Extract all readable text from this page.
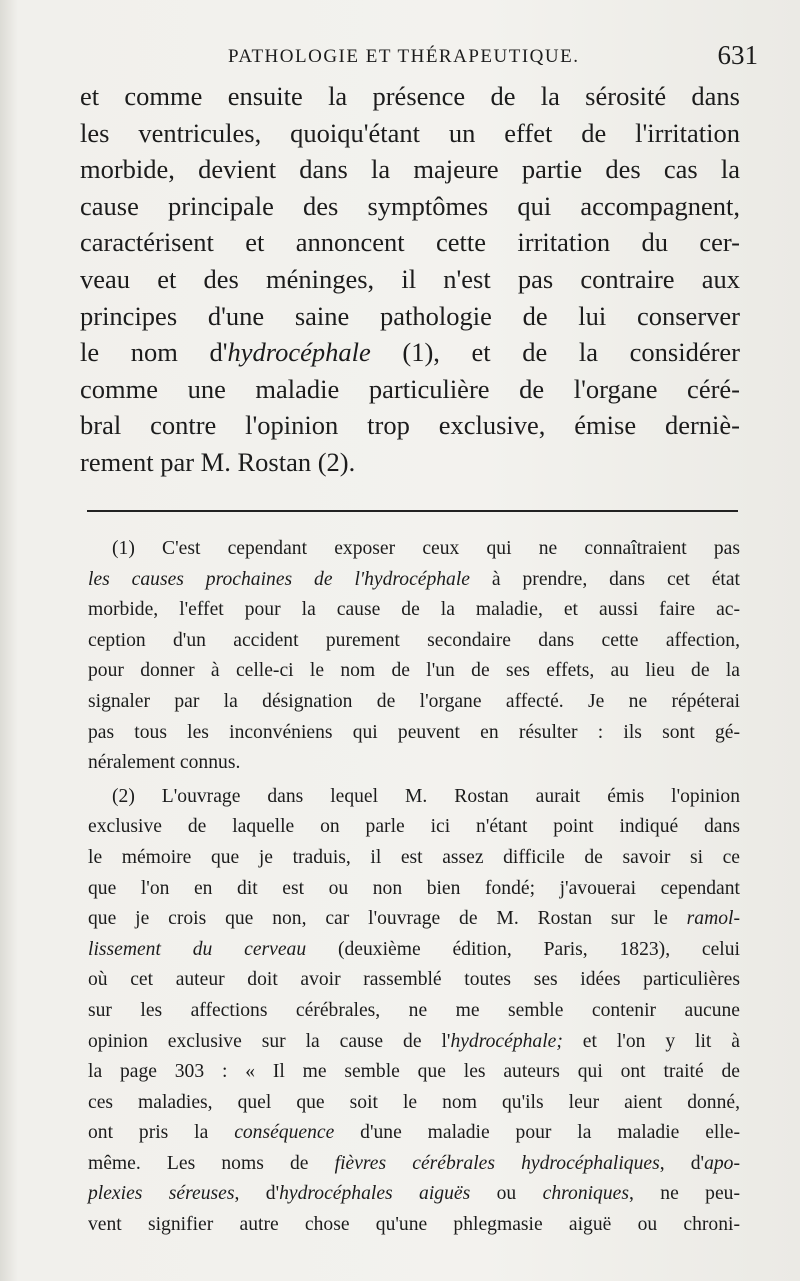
PATHOLOGIE ET THÉRAPEUTIQUE.	631
et comme ensuite la présence de la sérosité dans
les ventricules, quoiqu'étant un effet de l'irritation
morbide, devient dans la majeure partie des cas la
cause principale des symptômes qui accompagnent,
caractérisent et annoncent cette irritation du cer-
veau et des méninges, il n'est pas contraire aux
principes d'une saine pathologie de lui conserver
le nom d'hydrocéphale (1), et de la considérer
comme une maladie particulière de l'organe céré-
bral contre l'opinion trop exclusive, émise derniè-
rement par M. Rostan (2).
(1) C'est cependant exposer ceux qui ne connaîtraient pas
les causes prochaines de l'hydrocéphale à prendre, dans cet état
morbide, l'effet pour la cause de la maladie, et aussi faire ac-
ception d'un accident purement secondaire dans cette affection,
pour donner à celle-ci le nom de l'un de ses effets, au lieu de la
signaler par la désignation de l'organe affecté. Je ne répéterai
pas tous les inconvéniens qui peuvent en résulter : ils sont gé-
néralement connus.
(2) L'ouvrage dans lequel M. Rostan aurait émis l'opinion
exclusive de laquelle on parle ici n'étant point indiqué dans
le mémoire que je traduis, il est assez difficile de savoir si ce
que l'on en dit est ou non bien fondé; j'avouerai cependant
que je crois que non, car l'ouvrage de M. Rostan sur le ramol-
lissement du cerveau (deuxième édition, Paris, 1823), celui
où cet auteur doit avoir rassemblé toutes ses idées particulières
sur les affections cérébrales, ne me semble contenir aucune
opinion exclusive sur la cause de l'hydrocéphale; et l'on y lit à
la page 303 : « Il me semble que les auteurs qui ont traité de
ces maladies, quel que soit le nom qu'ils leur aient donné,
ont pris la conséquence d'une maladie pour la maladie elle-
même. Les noms de fièvres cérébrales hydrocéphaliques, d'apo-
plexies séreuses, d'hydrocéphales aiguës ou chroniques, ne peu-
vent signifier autre chose qu'une phlegmasie aiguë ou chroni-
